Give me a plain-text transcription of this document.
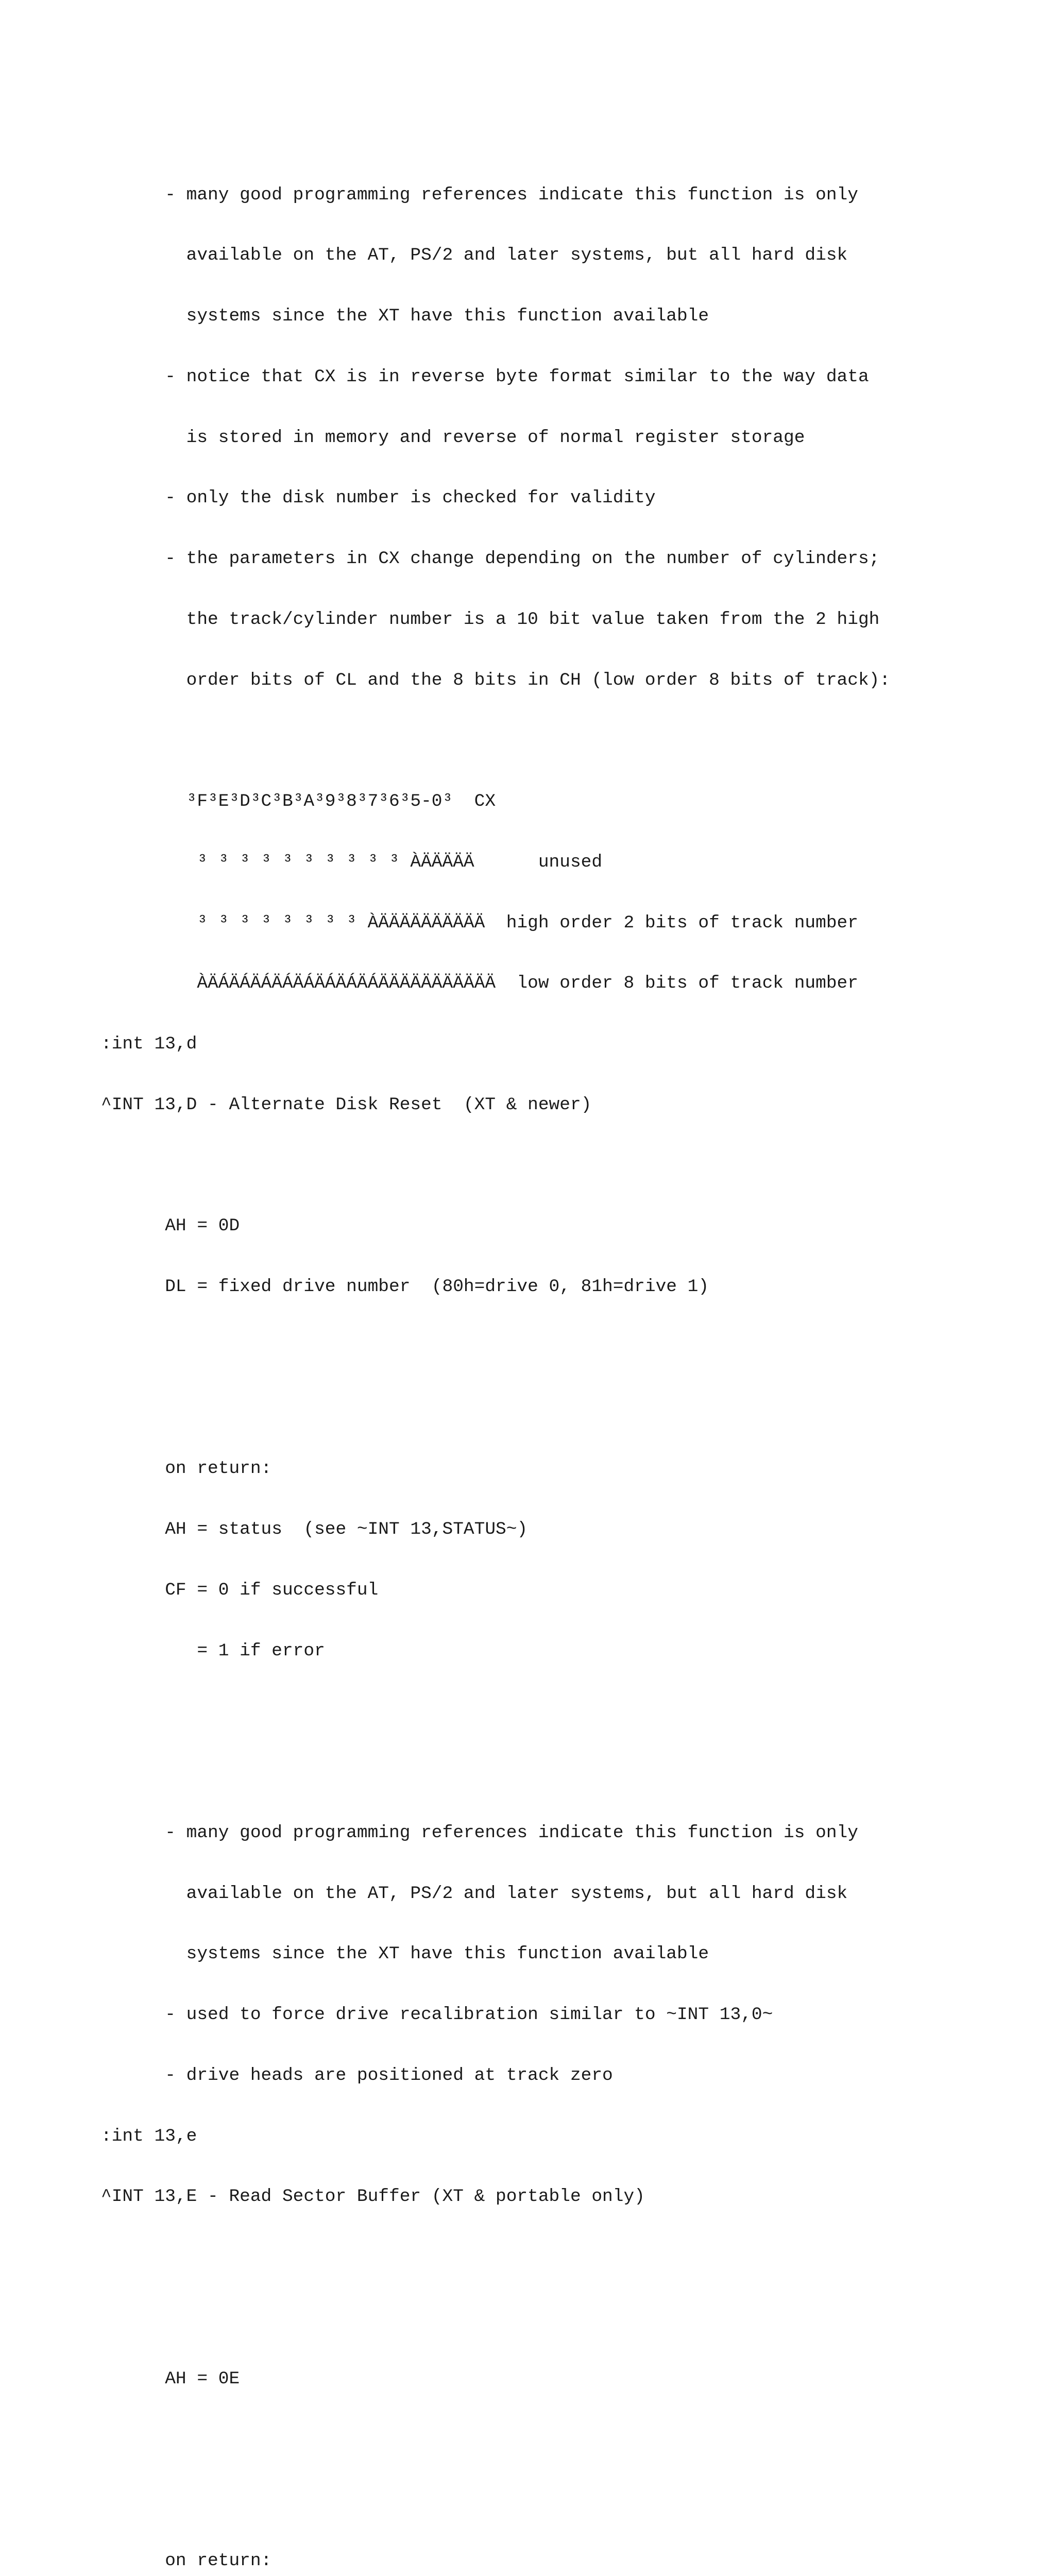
- many good programming references indicate this function is only

available on the AT, PS/2 and later systems, but all hard disk

systems since the XT have this function available

- notice that CX is in reverse byte format similar to the way data

is stored in memory and reverse of normal register storage

- only the disk number is checked for validity

- the parameters in CX change depending on the number of cylinders;

the track/cylinder number is a 10 bit value taken from the 2 high

order bits of CL and the 8 bits in CH (low order 8 bits of track):

³F³E³D³C³B³A³9³8³7³6³5-0³  CX

³ ³ ³ ³ ³ ³ ³ ³ ³ ³ ÀÄÄÄÄÄ      unused

³ ³ ³ ³ ³ ³ ³ ³ ÀÄÄÄÄÄÄÄÄÄÄ  high order 2 bits of track number

ÀÄÁÄÁÄÁÄÁÄÁÄÁÄÁÄÁÄÄÄÄÄÄÄÄÄÄÄ  low order 8 bits of track number

:int 13,d

^INT 13,D - Alternate Disk Reset  (XT & newer)

AH = 0D

DL = fixed drive number  (80h=drive 0, 81h=drive 1)

on return:

AH = status  (see ~INT 13,STATUS~)

CF = 0 if successful

= 1 if error

- many good programming references indicate this function is only

available on the AT, PS/2 and later systems, but all hard disk

systems since the XT have this function available

- used to force drive recalibration similar to ~INT 13,0~

- drive heads are positioned at track zero

:int 13,e

^INT 13,E - Read Sector Buffer (XT & portable only)

AH = 0E

on return:
